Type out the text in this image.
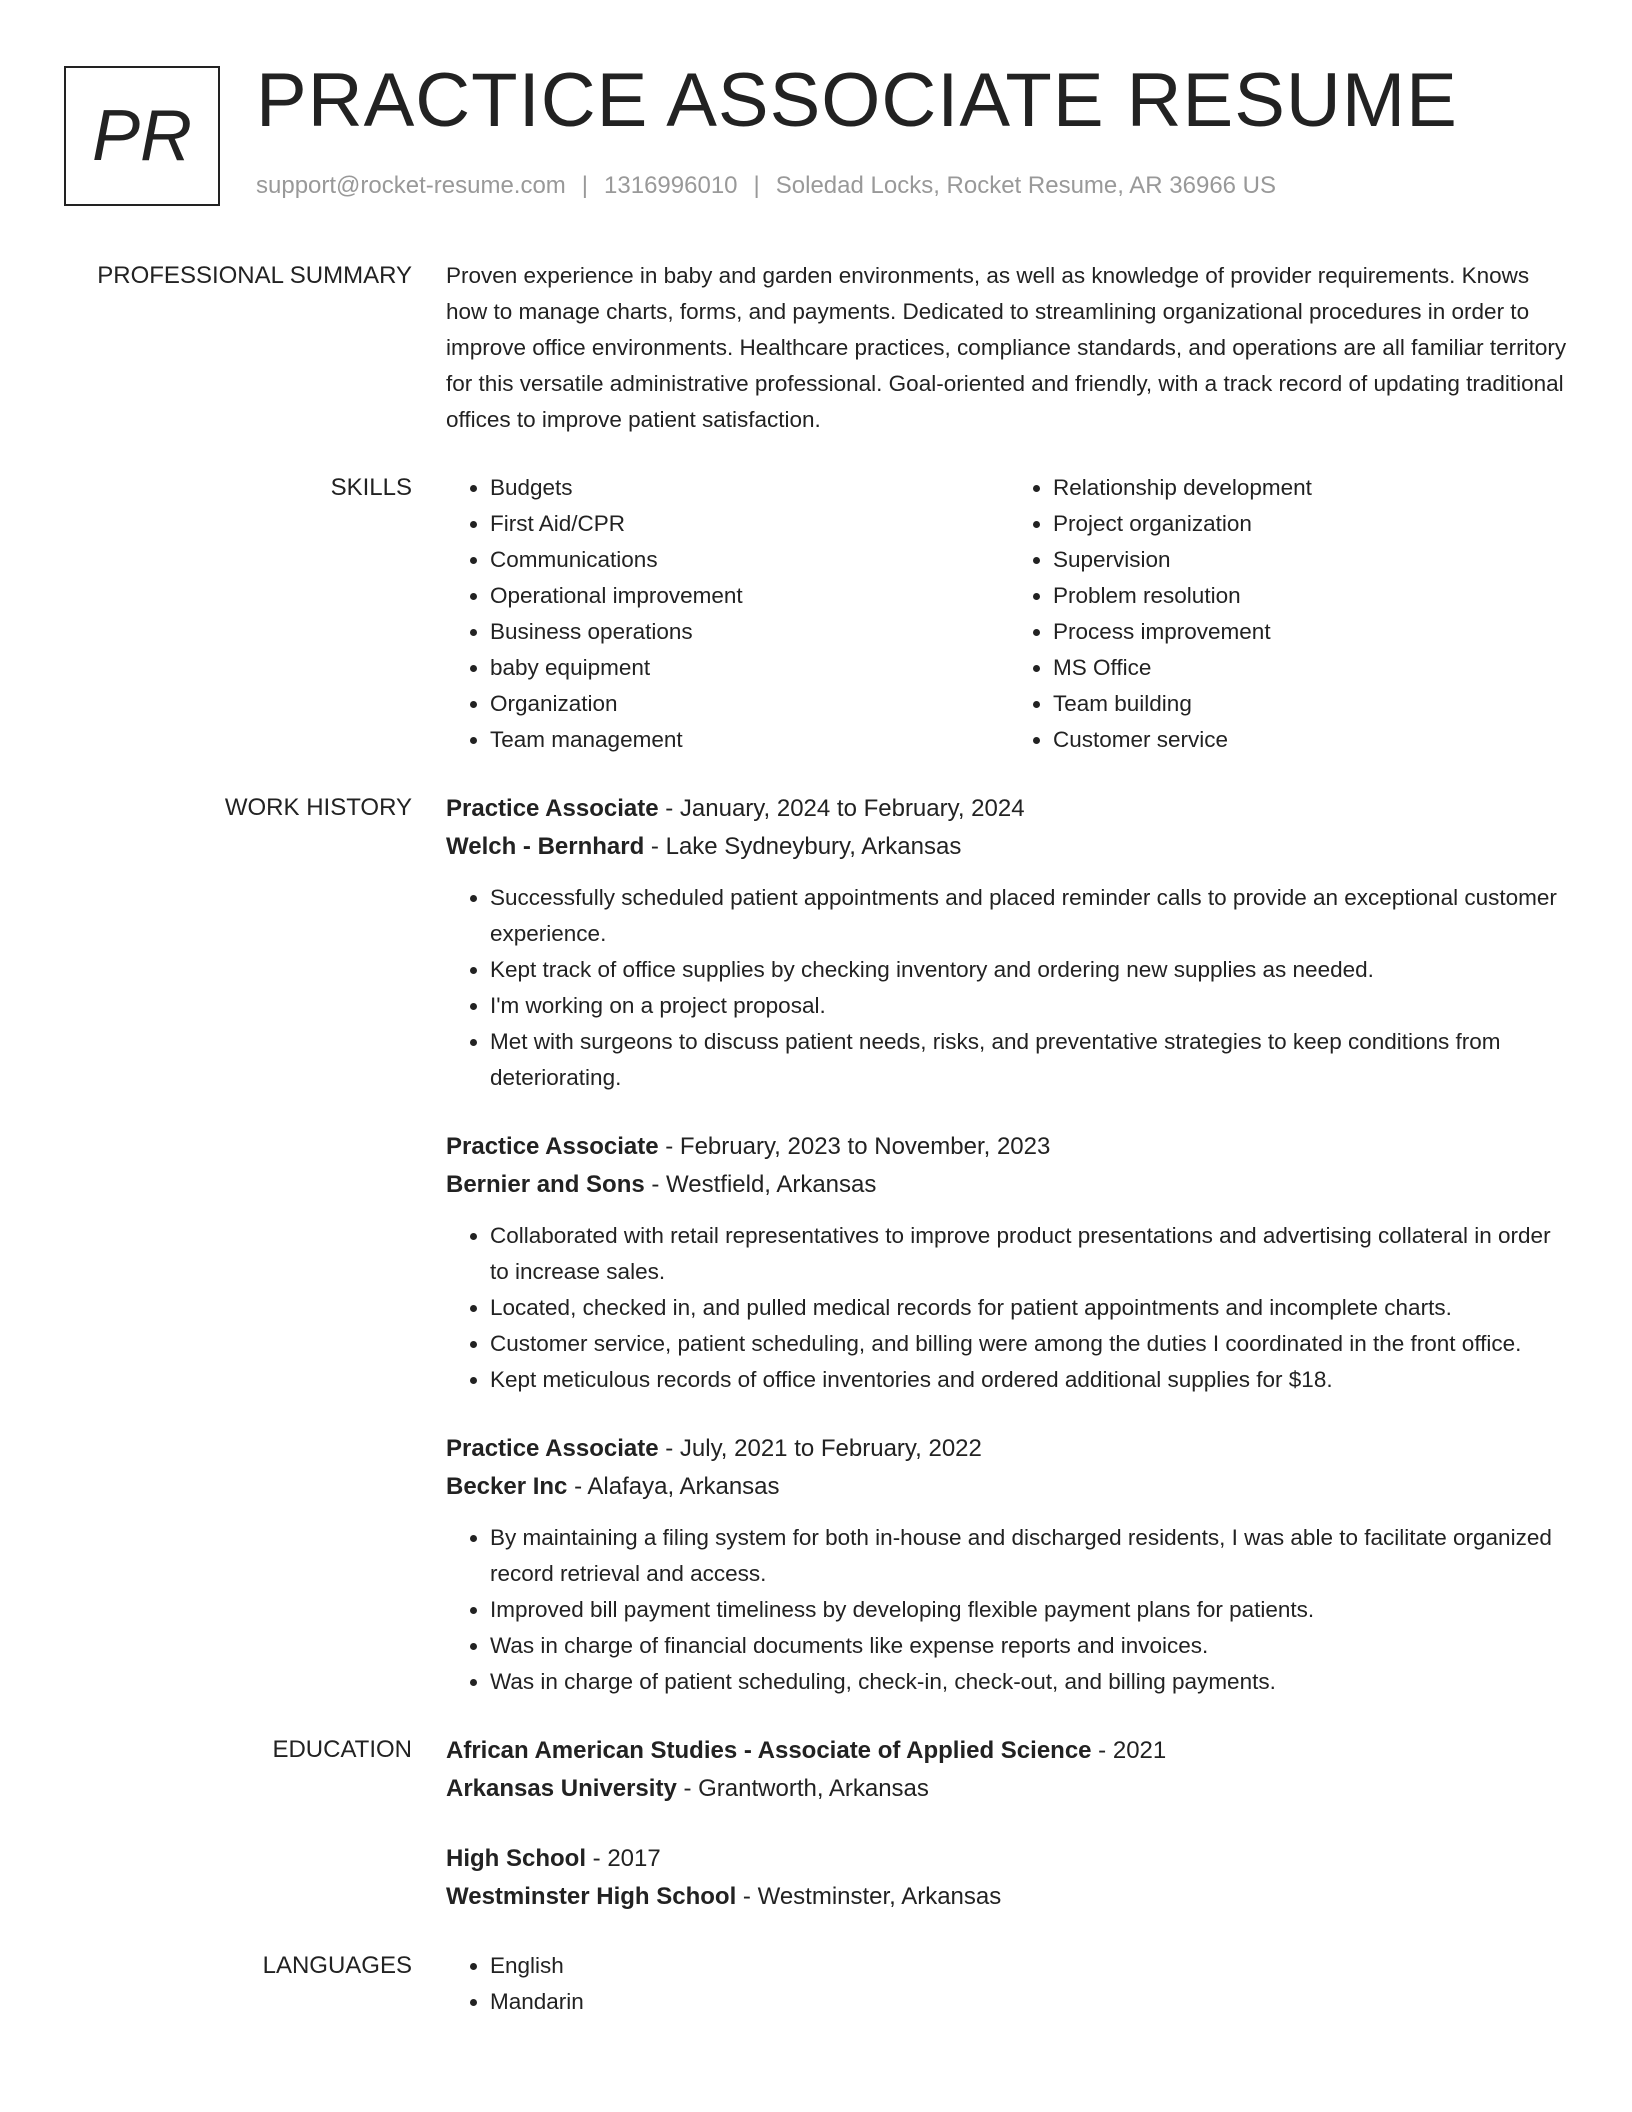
PR PRACTICE ASSOCIATE RESUME
support@rocket-resume.com | 1316996010 | Soledad Locks, Rocket Resume, AR 36966 US
PROFESSIONAL SUMMARY Proven experience in baby and garden environments, as well as knowledge of provider requirements. Knows how to manage charts, forms, and payments. Dedicated to streamlining organizational procedures in order to improve office environments. Healthcare practices, compliance standards, and operations are all familiar territory for this versatile administrative professional. Goal-oriented and friendly, with a track record of updating traditional offices to improve patient satisfaction.

SKILLS	• Budgets
• First Aid/CPR
• Communications
• Operational improvement
• Business operations
• baby equipment
• Organization
• Team management
• Relationship development
• Project organization
• Supervision
• Problem resolution
• Process improvement
• MS Office
• Team building
• Customer service
WORK HISTORY Practice Associate - January, 2024 to February, 2024
Welch - Bernhard - Lake Sydneybury, Arkansas
• Successfully scheduled patient appointments and placed reminder calls to provide an exceptional customer experience.
• Kept track of office supplies by checking inventory and ordering new supplies as needed.
• I'm working on a project proposal.
• Met with surgeons to discuss patient needs, risks, and preventative strategies to keep conditions from deteriorating.
Practice Associate - February, 2023 to November, 2023
Bernier and Sons - Westfield, Arkansas
• Collaborated with retail representatives to improve product presentations and advertising collateral in order to increase sales.
• Located, checked in, and pulled medical records for patient appointments and incomplete charts.
• Customer service, patient scheduling, and billing were among the duties I coordinated in the front office.
• Kept meticulous records of office inventories and ordered additional supplies for $18.
Practice Associate - July, 2021 to February, 2022
Becker Inc - Alafaya, Arkansas
• By maintaining a filing system for both in-house and discharged residents, I was able to facilitate organized record retrieval and access.
• Improved bill payment timeliness by developing flexible payment plans for patients.
• Was in charge of financial documents like expense reports and invoices.
• Was in charge of patient scheduling, check-in, check-out, and billing payments.
EDUCATION African American Studies - Associate of Applied Science - 2021
Arkansas University - Grantworth, Arkansas
High School - 2017
Westminster High School - Westminster, Arkansas
LANGUAGES	• English
• Mandarin
